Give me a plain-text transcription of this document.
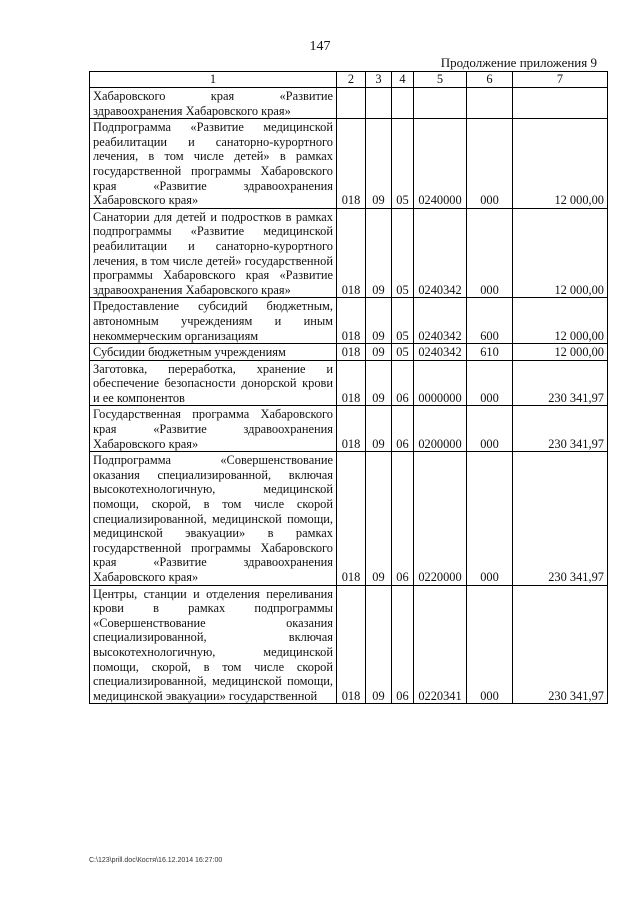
147
Продолжение приложения 9
1	2	3	4	5	6	7
Хабаровского края «Развитие здравоохранения Хабаровского края»						
Подпрограмма «Развитие медицинской реабилитации и санаторно-курортного лечения, в том числе детей» в рамках государственной программы Хабаровского края «Развитие здравоохранения Хабаровского края»	018	09	05	0240000	000	12 000,00
Санатории для детей и подростков в рамках подпрограммы «Развитие медицинской реабилитации и санаторно-курортного лечения, в том числе детей» государственной программы Хабаровского края «Развитие здравоохранения Хабаровского края»	018	09	05	0240342	000	12 000,00
Предоставление субсидий бюджетным, автономным учреждениям и иным некоммерческим организациям	018	09	05	0240342	600	12 000,00
Субсидии бюджетным учреждениям	018	09	05	0240342	610	12 000,00
Заготовка, переработка, хранение и обеспечение безопасности донорской крови и ее компонентов	018	09	06	0000000	000	230 341,97
Государственная программа Хабаровского края «Развитие здравоохранения Хабаровского края»	018	09	06	0200000	000	230 341,97
Подпрограмма «Совершенствование оказания специализированной, включая высокотехнологичную, медицинской помощи, скорой, в том числе скорой специализированной, медицинской помощи, медицинской эвакуации» в рамках государственной программы Хабаровского края «Развитие здравоохранения Хабаровского края»	018	09	06	0220000	000	230 341,97
Центры, станции и отделения переливания крови в рамках подпрограммы «Совершенствование оказания специализированной, включая высокотехнологичную, медицинской помощи, скорой, в том числе скорой специализированной, медицинской помощи, медицинской эвакуации» государственной	018	09	06	0220341	000	230 341,97
C:\123\prill.doc\Костя\16.12.2014 16:27:00
